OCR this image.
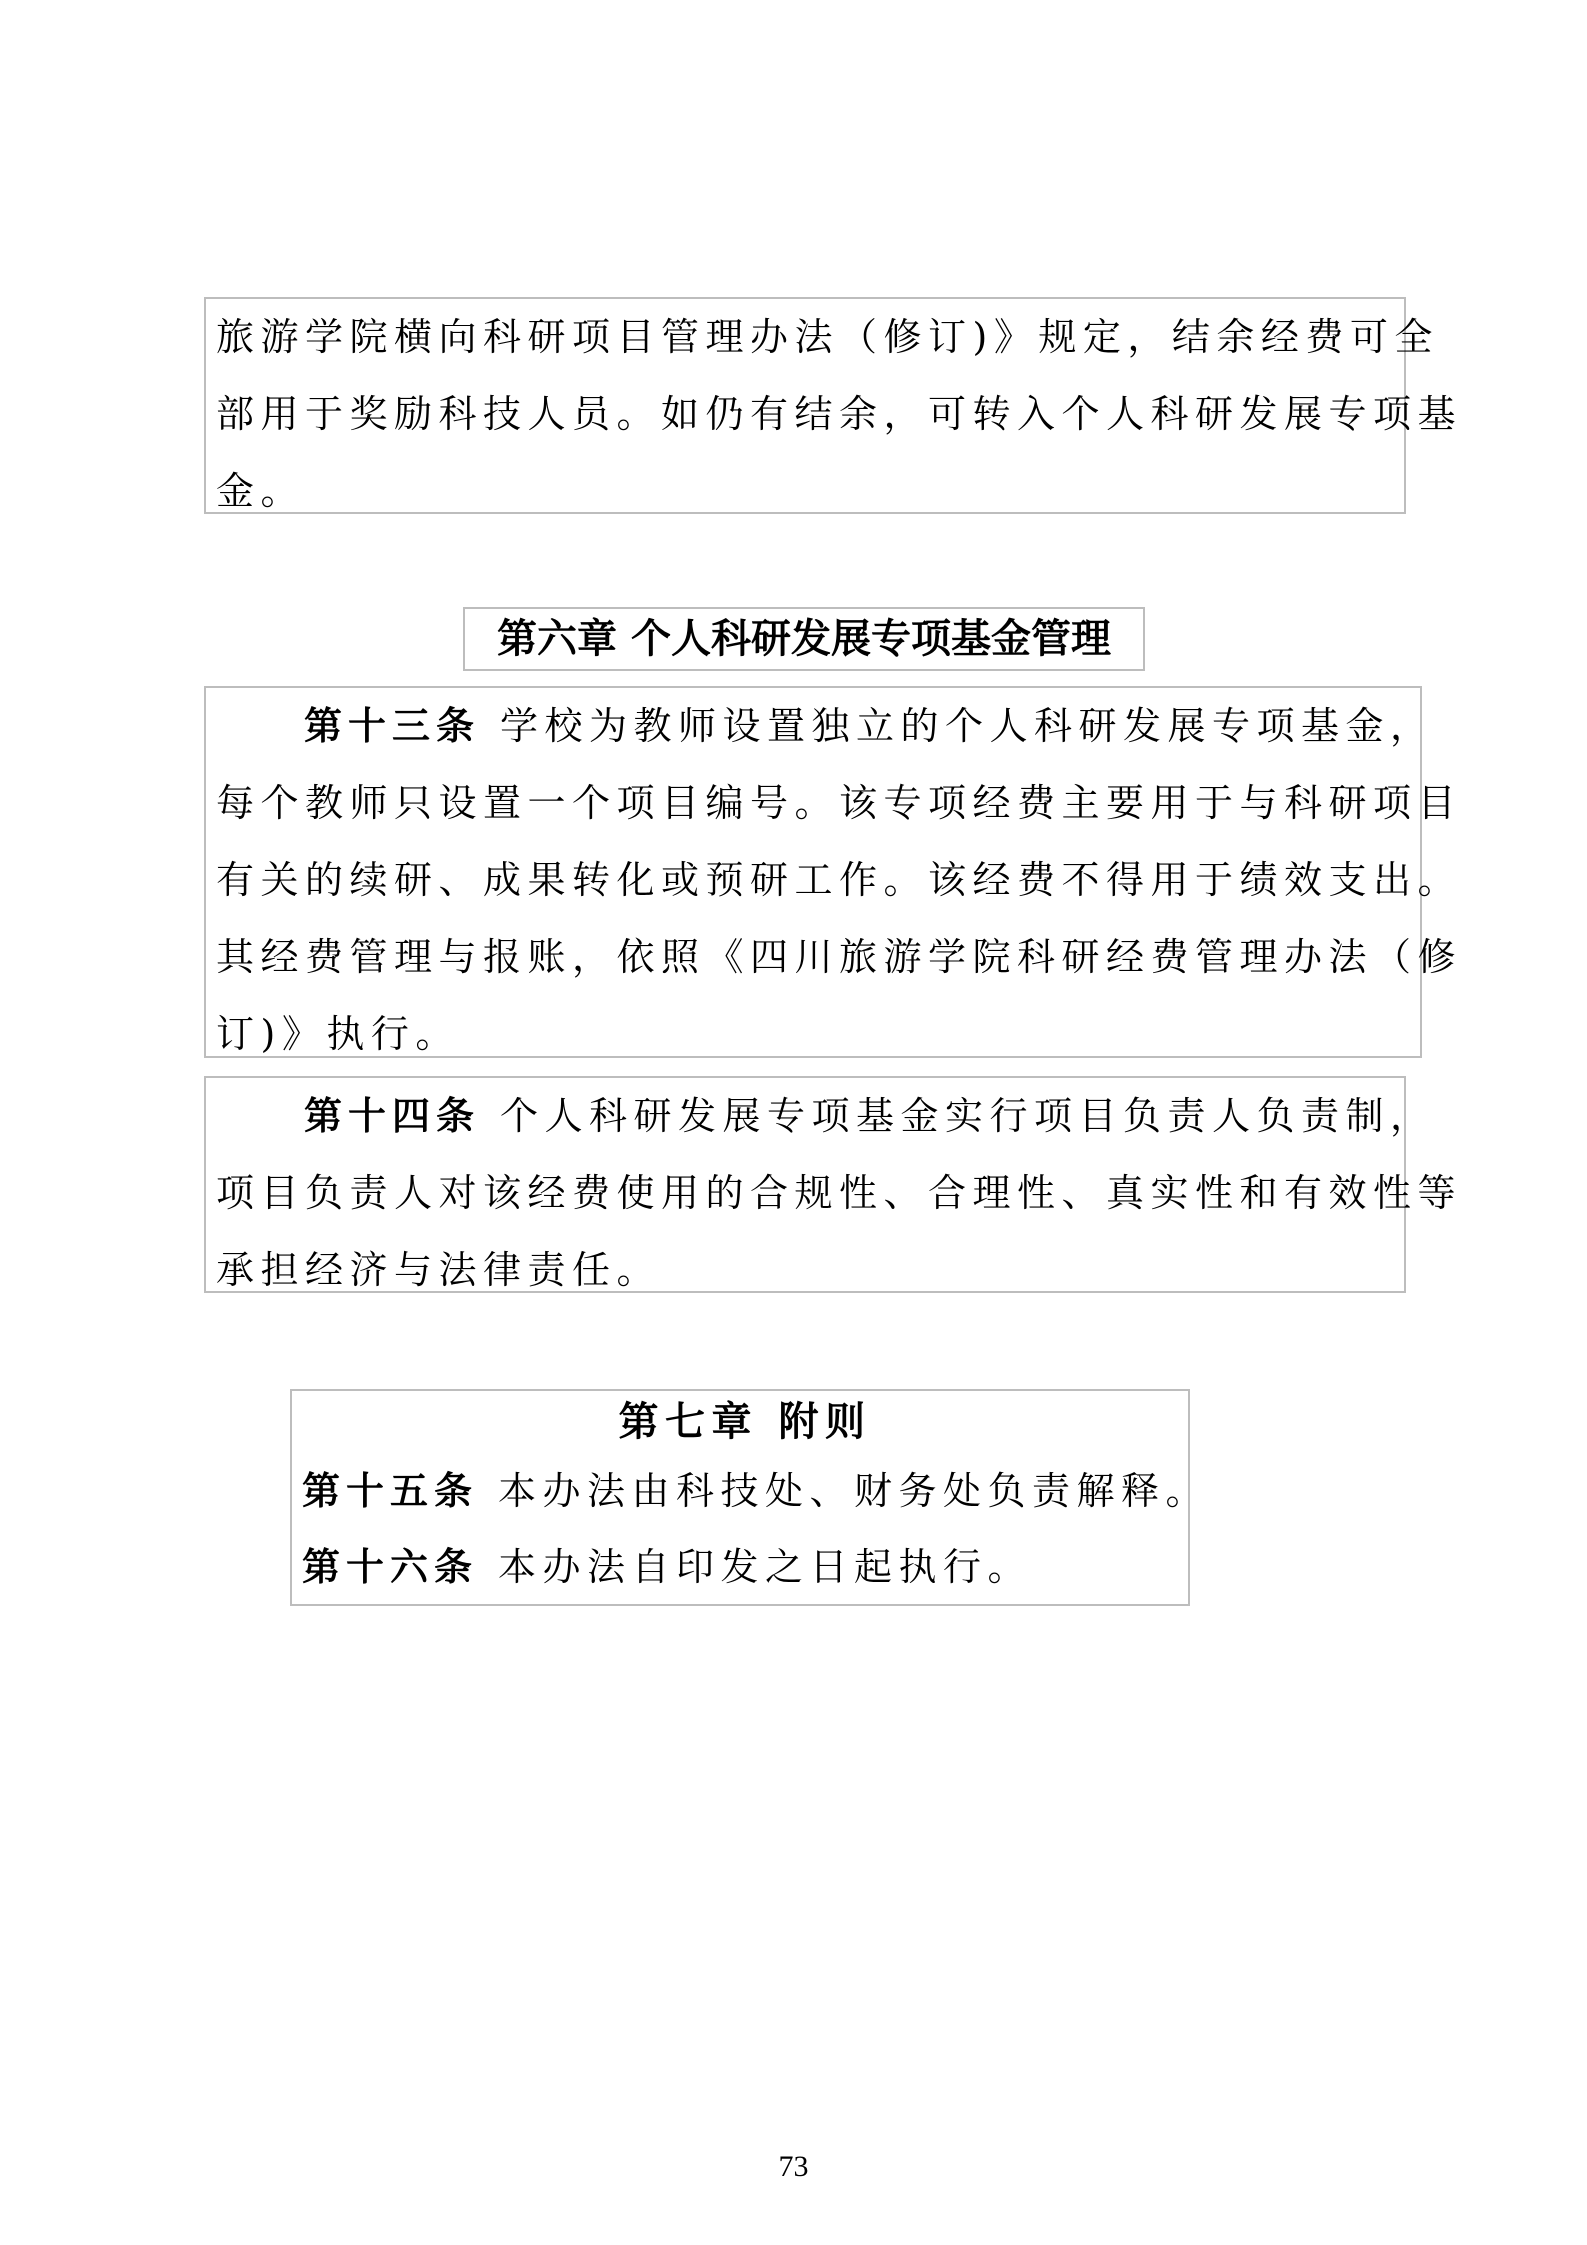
旅游学院横向科研项目管理办法（修订)》规定，结余经费可全

部用于奖励科技人员。如仍有结余，可转入个人科研发展专项基

金。

第六章 个人科研发展专项基金管理

第十三条 学校为教师设置独立的个人科研发展专项基金，

每个教师只设置一个项目编号。该专项经费主要用于与科研项目

有关的续研、成果转化或预研工作。该经费不得用于绩效支出。

其经费管理与报账，依照《四川旅游学院科研经费管理办法（修

订)》执行。

第十四条 个人科研发展专项基金实行项目负责人负责制，

项目负责人对该经费使用的合规性、合理性、真实性和有效性等

承担经济与法律责任。

第七章 附则

第十五条 本办法由科技处、财务处负责解释。

第十六条 本办法自印发之日起执行。

73
